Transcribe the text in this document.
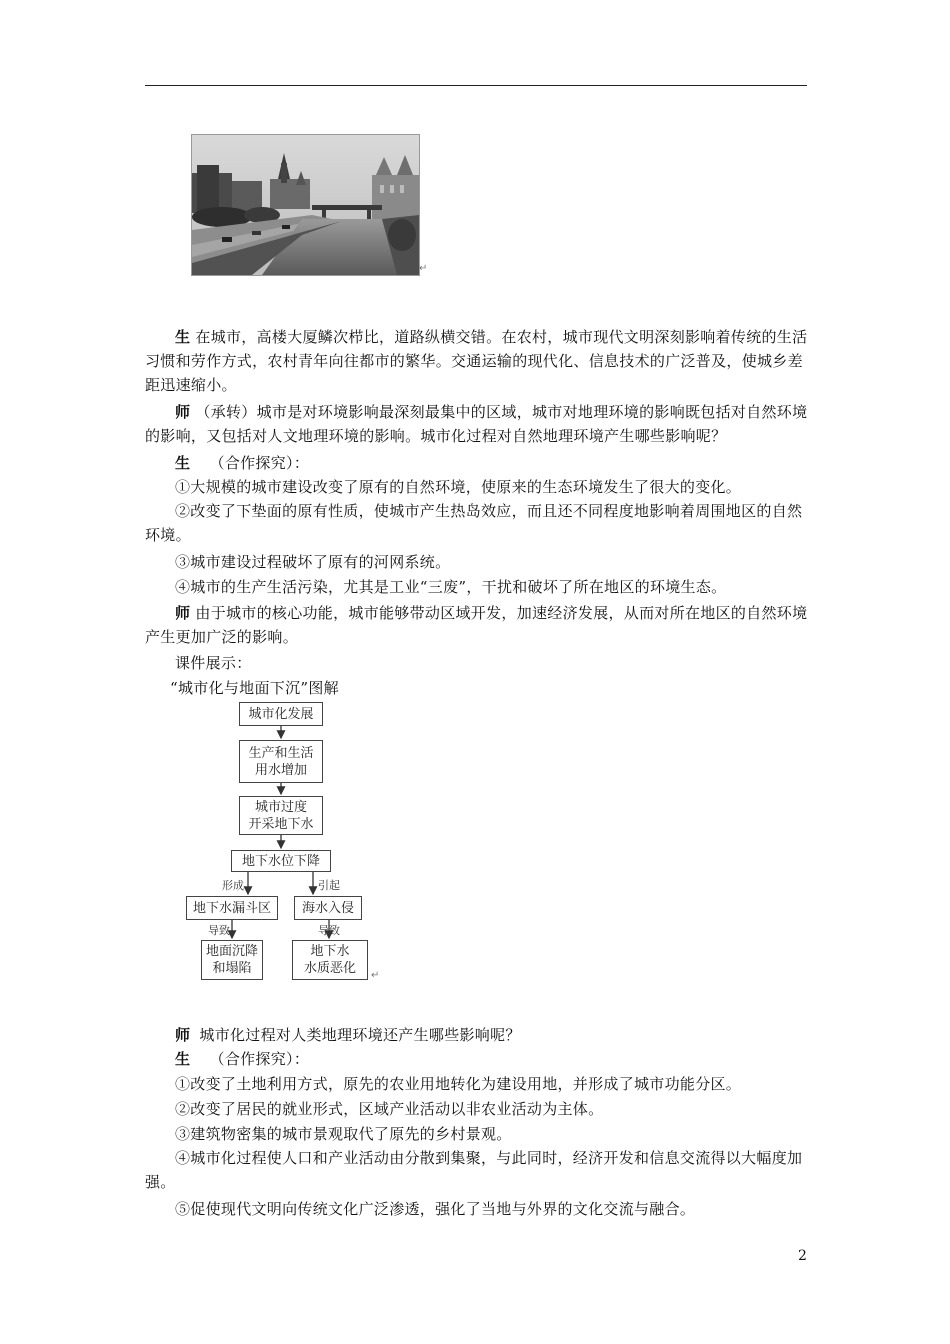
↵

生 在城市，高楼大厦鳞次栉比，道路纵横交错。在农村，城市现代文明深刻影响着传统的生活习惯和劳作方式，农村青年向往都市的繁华。交通运输的现代化、信息技术的广泛普及，使城乡差距迅速缩小。

师 （承转）城市是对环境影响最深刻最集中的区域，城市对地理环境的影响既包括对自然环境的影响，又包括对人文地理环境的影响。城市化过程对自然地理环境产生哪些影响呢？

生 （合作探究）：

①大规模的城市建设改变了原有的自然环境，使原来的生态环境发生了很大的变化。

②改变了下垫面的原有性质，使城市产生热岛效应，而且还不同程度地影响着周围地区的自然环境。

③城市建设过程破坏了原有的河网系统。

④城市的生产生活污染，尤其是工业“三废”，干扰和破坏了所在地区的环境生态。

师 由于城市的核心功能，城市能够带动区域开发，加速经济发展，从而对所在地区的自然环境产生更加广泛的影响。

课件展示：

“城市化与地面下沉”图解

城市化发展
生产和生活
用水增加
城市过度
开采地下水
地下水位下降
形成	引起
地下水漏斗区	海水入侵
导致	导致
地面沉降
和塌陷
地下水
水质恶化	↵

师 城市化过程对人类地理环境还产生哪些影响呢？

生 （合作探究）：

①改变了土地利用方式，原先的农业用地转化为建设用地，并形成了城市功能分区。

②改变了居民的就业形式，区域产业活动以非农业活动为主体。

③建筑物密集的城市景观取代了原先的乡村景观。

④城市化过程使人口和产业活动由分散到集聚，与此同时，经济开发和信息交流得以大幅度加强。

⑤促使现代文明向传统文化广泛渗透，强化了当地与外界的文化交流与融合。

2
